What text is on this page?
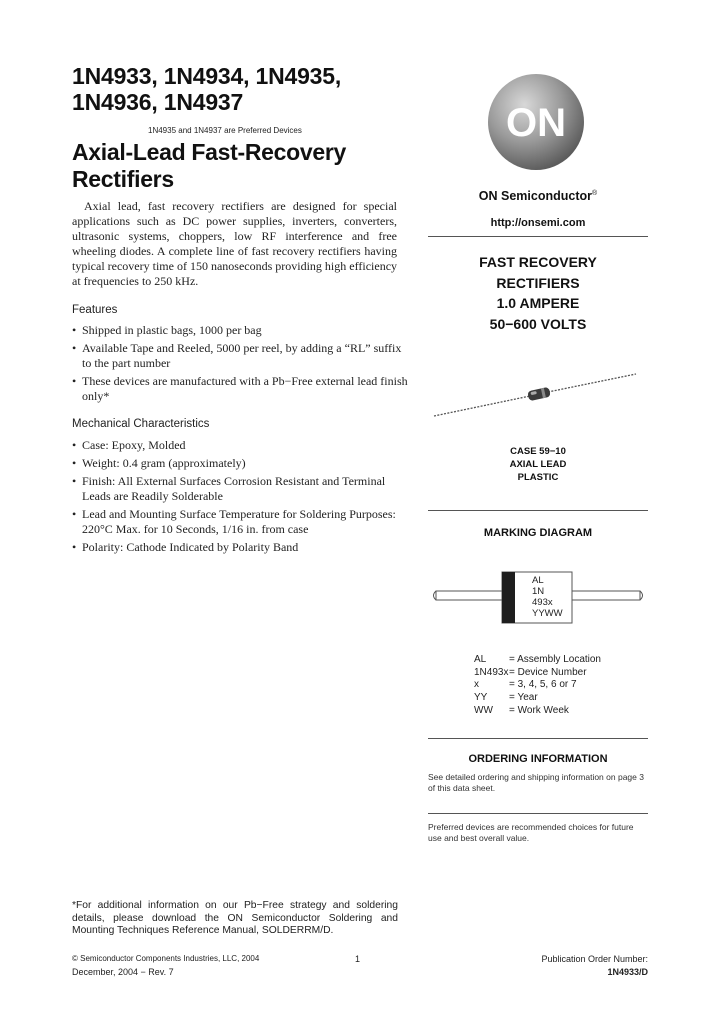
1N4933, 1N4934, 1N4935,
1N4936, 1N4937
1N4935 and 1N4937 are Preferred Devices
Axial-Lead Fast-Recovery
Rectifiers

Axial lead, fast recovery rectifiers are designed for special applications such as DC power supplies, inverters, converters, ultrasonic systems, choppers, low RF interference and free wheeling diodes. A complete line of fast recovery rectifiers having typical recovery time of 150 nanoseconds providing high efficiency at frequencies to 250 kHz.

Features
• Shipped in plastic bags, 1000 per bag
• Available Tape and Reeled, 5000 per reel, by adding a “RL” suffix to the part number
• These devices are manufactured with a Pb−Free external lead finish only*
Mechanical Characteristics
• Case: Epoxy, Molded
• Weight: 0.4 gram (approximately)
• Finish: All External Surfaces Corrosion Resistant and Terminal Leads are Readily Solderable
• Lead and Mounting Surface Temperature for Soldering Purposes: 220°C Max. for 10 Seconds, 1/16 in. from case
• Polarity: Cathode Indicated by Polarity Band
*For additional information on our Pb−Free strategy and soldering details, please download the ON Semiconductor Soldering and Mounting Techniques Reference Manual, SOLDERRM/D.
© Semiconductor Components Industries, LLC, 2004
December, 2004 − Rev. 7
1	Publication Order Number:
1N4933/D
ON
ON Semiconductor®
http://onsemi.com
FAST RECOVERY
RECTIFIERS
1.0 AMPERE
50−600 VOLTS
CASE 59−10
AXIAL LEAD
PLASTIC
MARKING DIAGRAM
AL
1N
493x
YYWW
AL	= Assembly Location
1N493x	= Device Number
x	= 3, 4, 5, 6 or 7
YY	= Year
WW	= Work Week
ORDERING INFORMATION
See detailed ordering and shipping information on page 3 of this data sheet.
Preferred devices are recommended choices for future use and best overall value.
